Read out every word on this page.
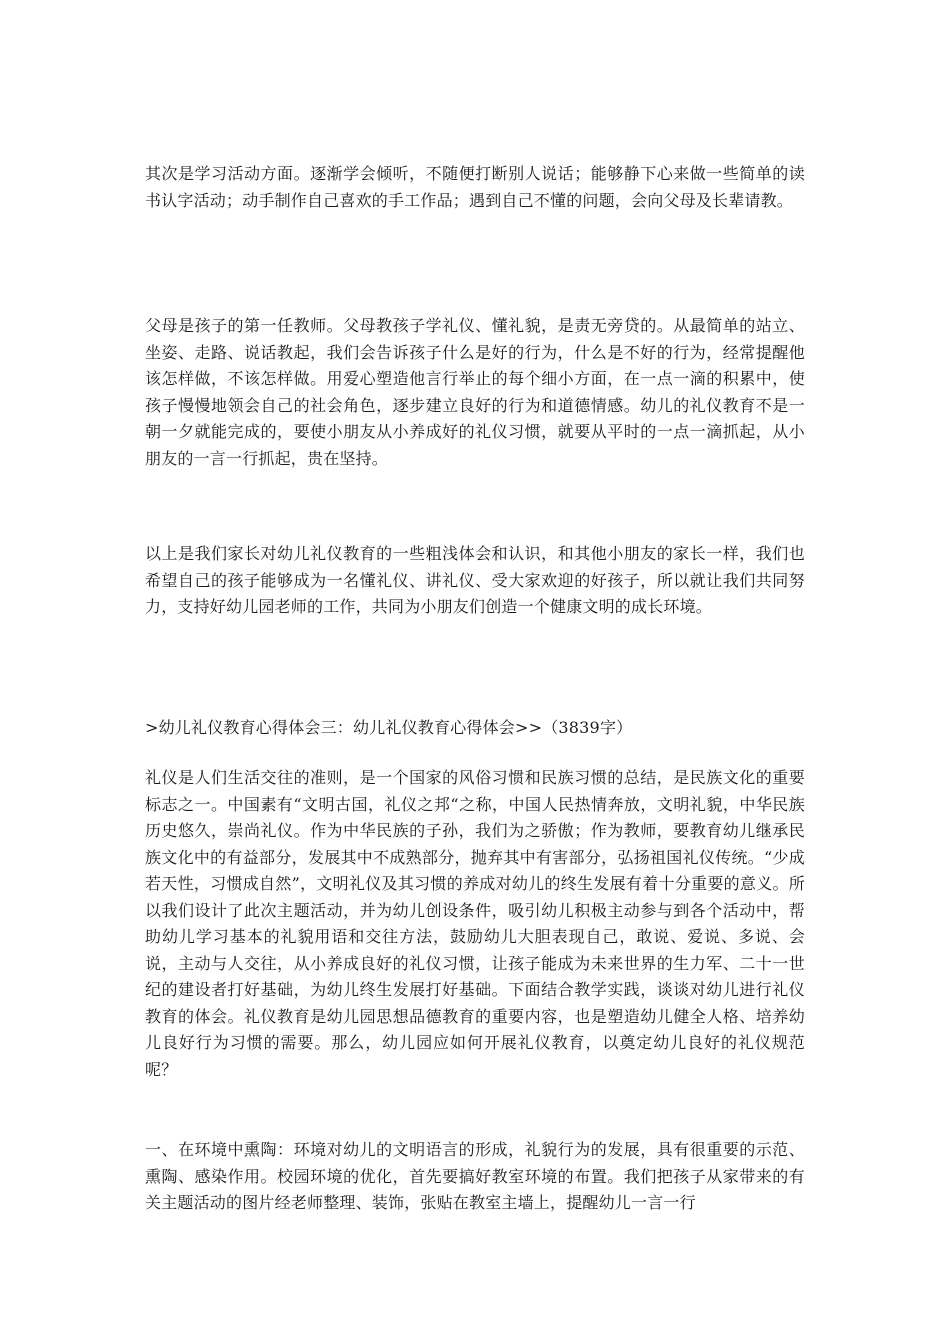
其次是学习活动方面。逐渐学会倾听，不随便打断别人说话；能够静下心来做一些简单的读书认字活动；动手制作自己喜欢的手工作品；遇到自己不懂的问题，会向父母及长辈请教。

父母是孩子的第一任教师。父母教孩子学礼仪、懂礼貌，是责无旁贷的。从最简单的站立、坐姿、走路、说话教起，我们会告诉孩子什么是好的行为，什么是不好的行为，经常提醒他该怎样做，不该怎样做。用爱心塑造他言行举止的每个细小方面，在一点一滴的积累中，使孩子慢慢地领会自己的社会角色，逐步建立良好的行为和道德情感。幼儿的礼仪教育不是一朝一夕就能完成的，要使小朋友从小养成好的礼仪习惯，就要从平时的一点一滴抓起，从小朋友的一言一行抓起，贵在坚持。

以上是我们家长对幼儿礼仪教育的一些粗浅体会和认识，和其他小朋友的家长一样，我们也希望自己的孩子能够成为一名懂礼仪、讲礼仪、受大家欢迎的好孩子，所以就让我们共同努力，支持好幼儿园老师的工作，共同为小朋友们创造一个健康文明的成长环境。

>幼儿礼仪教育心得体会三：幼儿礼仪教育心得体会>>（3839字）

礼仪是人们生活交往的准则，是一个国家的风俗习惯和民族习惯的总结，是民族文化的重要标志之一。中国素有“文明古国，礼仪之邦“之称，中国人民热情奔放，文明礼貌，中华民族历史悠久，崇尚礼仪。作为中华民族的子孙，我们为之骄傲；作为教师，要教育幼儿继承民族文化中的有益部分，发展其中不成熟部分，抛弃其中有害部分，弘扬祖国礼仪传统。“少成若天性，习惯成自然”，文明礼仪及其习惯的养成对幼儿的终生发展有着十分重要的意义。所以我们设计了此次主题活动，并为幼儿创设条件，吸引幼儿积极主动参与到各个活动中，帮助幼儿学习基本的礼貌用语和交往方法，鼓励幼儿大胆表现自己，敢说、爱说、多说、会说，主动与人交往，从小养成良好的礼仪习惯，让孩子能成为未来世界的生力军、二十一世纪的建设者打好基础，为幼儿终生发展打好基础。下面结合教学实践，谈谈对幼儿进行礼仪教育的体会。礼仪教育是幼儿园思想品德教育的重要内容，也是塑造幼儿健全人格、培养幼儿良好行为习惯的需要。那么，幼儿园应如何开展礼仪教育，以奠定幼儿良好的礼仪规范呢？

一、在环境中熏陶：环境对幼儿的文明语言的形成，礼貌行为的发展，具有很重要的示范、熏陶、感染作用。校园环境的优化，首先要搞好教室环境的布置。我们把孩子从家带来的有关主题活动的图片经老师整理、装饰，张贴在教室主墙上，提醒幼儿一言一行
